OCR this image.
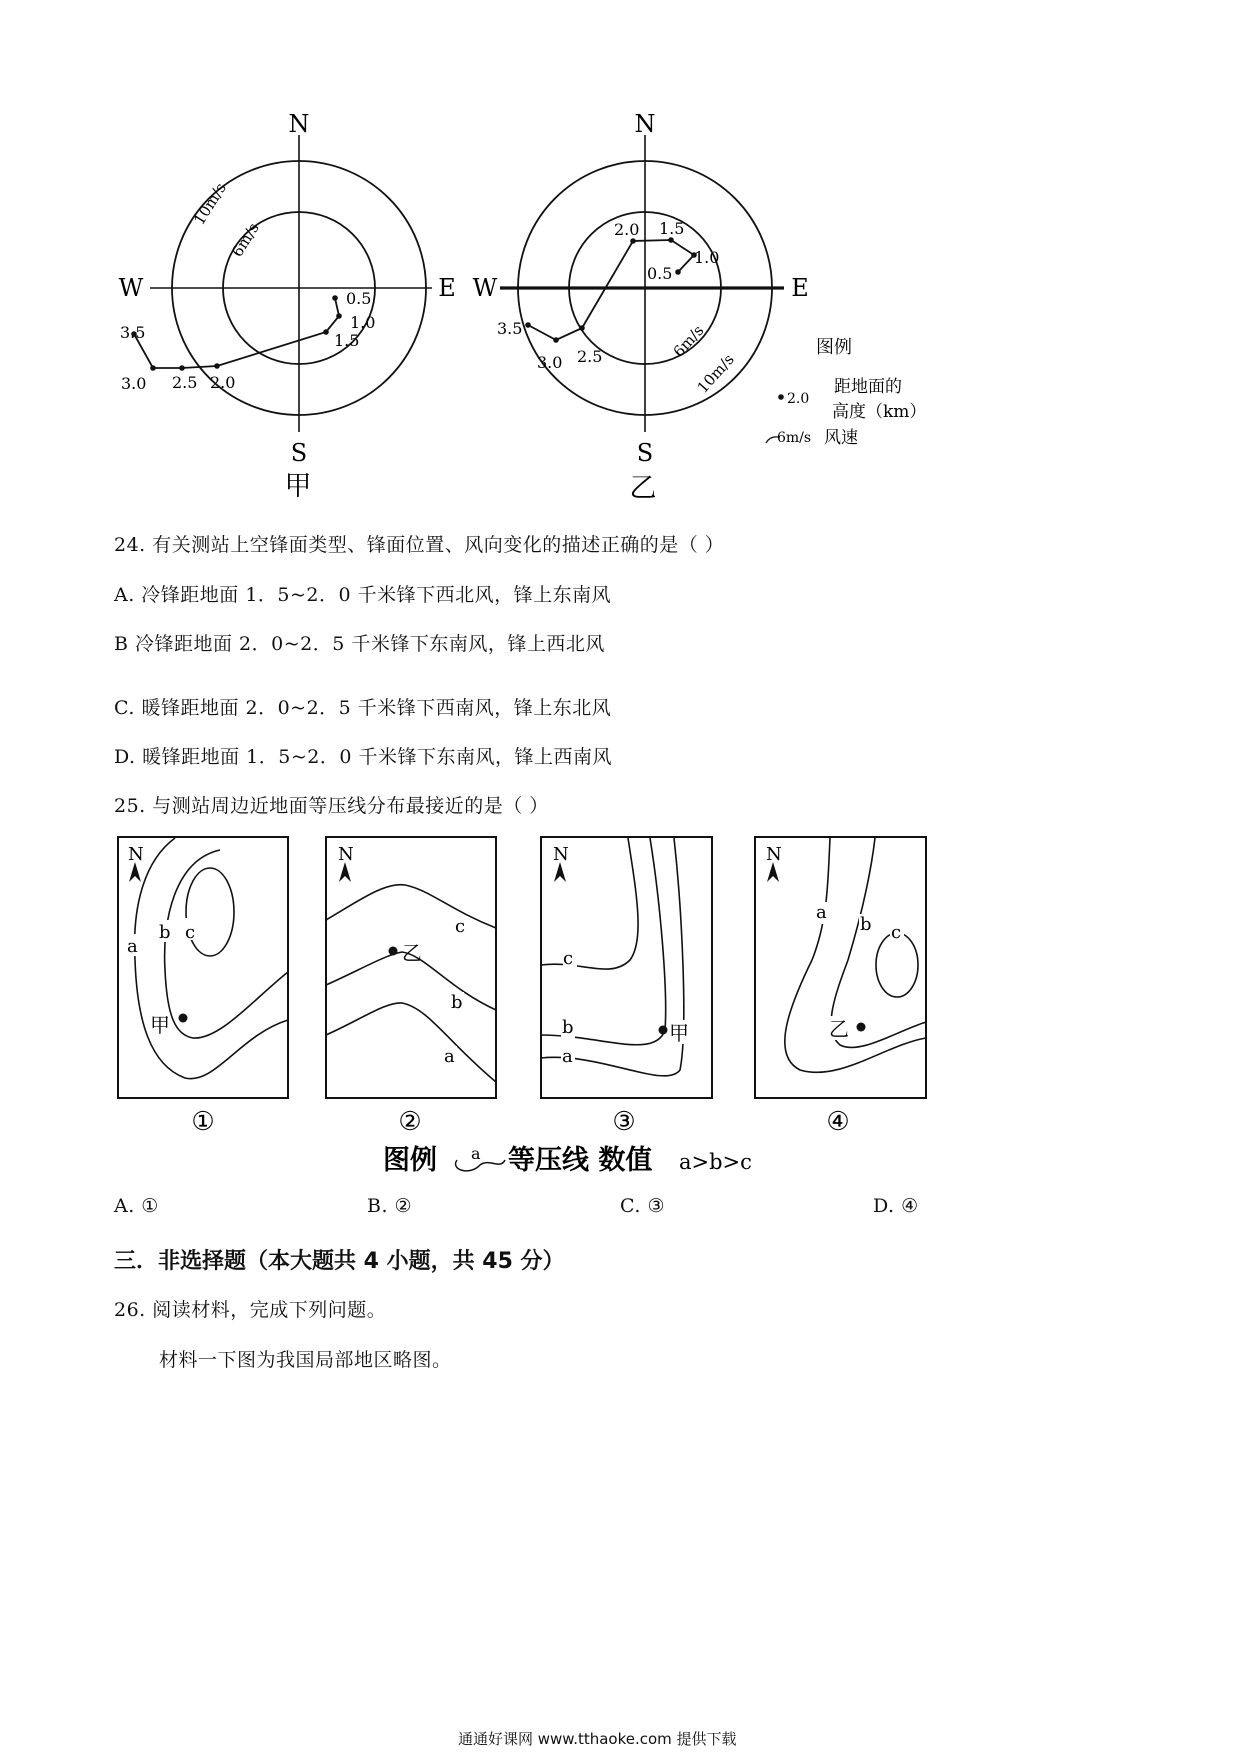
N
S
W	E
10m/s
6m/s
0.5
1.0
1.5
2.0
2.5
3.0
3.5
甲
N
S
W	E
6m/s
10m/s
0.5
1.0
1.5
2.0
2.5
3.0
3.5
乙
图例
2.0
距地面的
高度（km）
6m/s 风速
24. 有关测站上空锋面类型、锋面位置、风向变化的描述正确的是（ ）
A. 冷锋距地面 1．5~2．0 千米锋下西北风，锋上东南风
B 冷锋距地面 2．0~2．5 千米锋下东南风，锋上西北风
C. 暖锋距地面 2．0~2．5 千米锋下西南风，锋上东北风
D. 暖锋距地面 1．5~2．0 千米锋下东南风，锋上西南风
25. 与测站周边近地面等压线分布最接近的是（ ）
N
a
b c
甲
①
N
c
b
a
乙
②
N
c
b
a
甲
③
N
a
b c
乙
④
图例 a 等压线 数值 a>b>c
A. ①	B. ②	C. ③	D. ④
三．非选择题（本大题共 4 小题，共 45 分）
26. 阅读材料，完成下列问题。
材料一下图为我国局部地区略图。
通通好课网 www.tthaoke.com 提供下载
